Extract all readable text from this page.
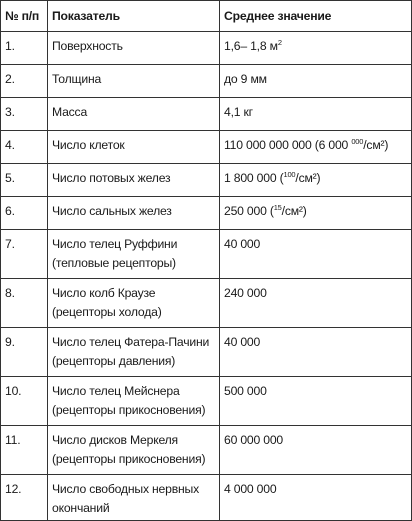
№ п/п	Показатель	Среднее значение
1.	Поверхность	1,6– 1,8 $м^2$
2.	Толщина	до 9 мм
3.	Масса	4,1 кг
4.	Число клеток	110 000 000 000 (6 000 $^{000}$/см²)
5.	Число потовых желез	1 800 000 ($^{100}$/см²)
6.	Число сальных желез	250 000 ($^{15}$/см²)
7.	Число телец Руффини (тепловые рецепторы)	40 000
8.	Число колб Краузе (рецепторы холода)	240 000
9.	Число телец Фатера-Пачини (рецепторы давления)	40 000
10.	Число телец Мейснера (рецепторы прикосновения)	500 000
11.	Число дисков Меркеля (рецепторы прикосновения)	60 000 000
12.	Число свободных нервных окончаний	4 000 000
